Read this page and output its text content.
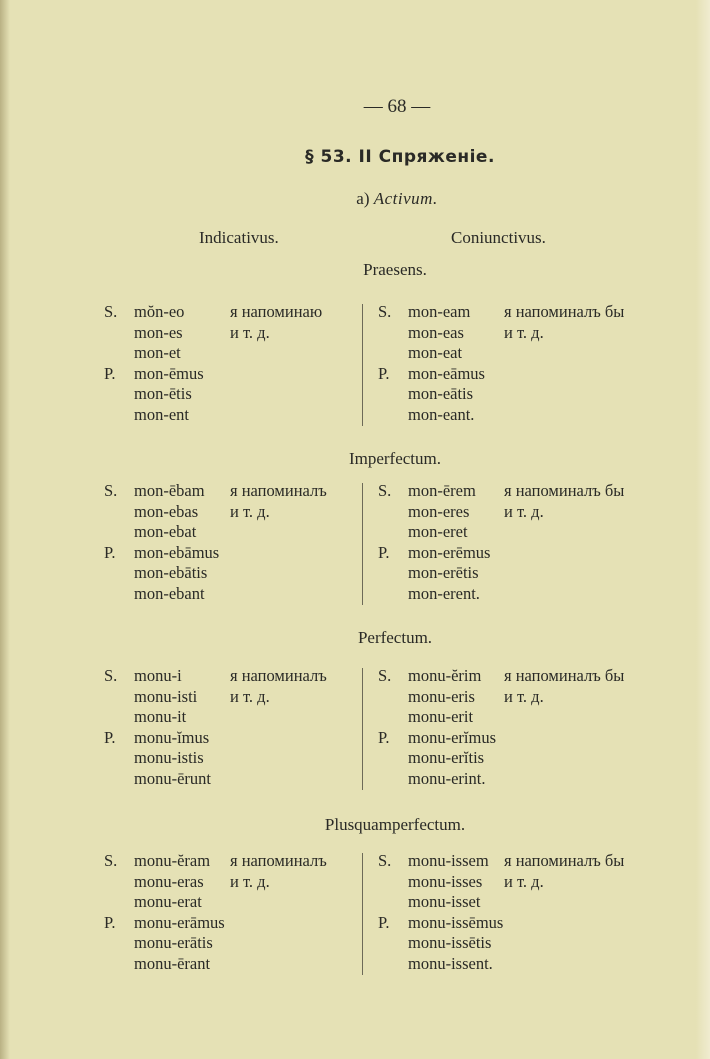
— 68 —
§ 53. II Спряженie.
a) Activum.
Indicativus.	Coniunctivus.
Praesens.
S.	mŏn-eo	я напоминаю
mon-es	и т. д.
mon-et
P.	mon-ēmus
mon-ētis
mon-ent
S.	mon-eam	я напоминалъ бы
mon-eas	и т. д.
mon-eat
P.	mon-eāmus
mon-eātis
mon-eant.
Imperfectum.
S.	mon-ēbam	я напоминалъ
mon-ebas	и т. д.
mon-ebat
P.	mon-ebāmus
mon-ebātis
mon-ebant
S.	mon-ērem	я напоминалъ бы
mon-eres	и т. д.
mon-eret
P.	mon-erēmus
mon-erētis
mon-erent.
Perfectum.
S.	monu-i	я напоминалъ
monu-isti	и т. д.
monu-it
P.	monu-ĭmus
monu-istis
monu-ērunt
S.	monu-ĕrim	я напоминалъ бы
monu-eris	и т. д.
monu-erit
P.	monu-erĭmus
monu-erĭtis
monu-erint.
Plusquamperfectum.
S.	monu-ĕram	я напоминалъ
monu-eras	и т. д.
monu-erat
P.	monu-erāmus
monu-erātis
monu-ērant
S.	monu-issem я напоминалъ бы
monu-isses	и т. д.
monu-isset
P.	monu-issēmus
monu-issētis
monu-issent.
